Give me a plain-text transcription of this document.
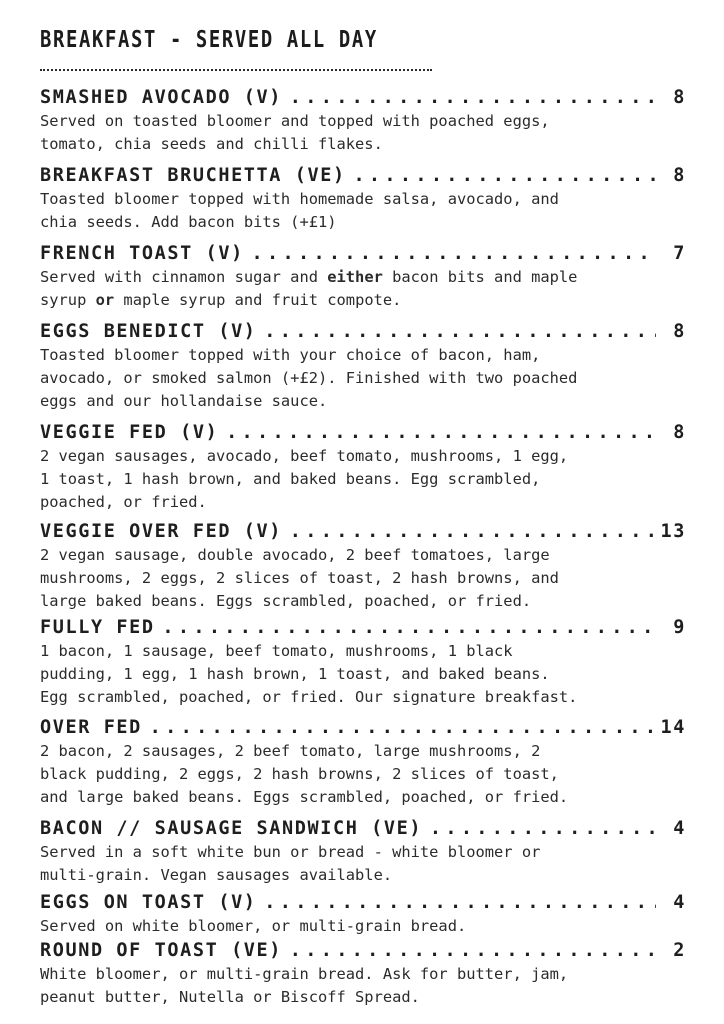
BREAKFAST - SERVED ALL DAY
SMASHED AVOCADO (V) . . .	8

Served on toasted bloomer and topped with poached eggs,
tomato, chia seeds and chilli flakes.

BREAKFAST BRUCHETTA (VE) . . .	8

Toasted bloomer topped with homemade salsa, avocado, and
chia seeds. Add bacon bits (+£1)

FRENCH TOAST (V) . . .	7

Served with cinnamon sugar and either bacon bits and maple
syrup or maple syrup and fruit compote.

EGGS BENEDICT (V) . . .	8

Toasted bloomer topped with your choice of bacon, ham,
avocado, or smoked salmon (+£2). Finished with two poached
eggs and our hollandaise sauce.

VEGGIE FED (V) . . .	8

2 vegan sausages, avocado, beef tomato, mushrooms, 1 egg,
1 toast, 1 hash brown, and baked beans. Egg scrambled,
poached, or fried.

VEGGIE OVER FED (V) . . .	13

2 vegan sausage, double avocado, 2 beef tomatoes, large
mushrooms, 2 eggs, 2 slices of toast, 2 hash browns, and
large baked beans. Eggs scrambled, poached, or fried.

FULLY FED . . .	9

1 bacon, 1 sausage, beef tomato, mushrooms, 1 black
pudding, 1 egg, 1 hash brown, 1 toast, and baked beans.
Egg scrambled, poached, or fried. Our signature breakfast.

OVER FED . . .	14

2 bacon, 2 sausages, 2 beef tomato, large mushrooms, 2
black pudding, 2 eggs, 2 hash browns, 2 slices of toast,
and large baked beans. Eggs scrambled, poached, or fried.

BACON // SAUSAGE SANDWICH (VE) . . .	4

Served in a soft white bun or bread - white bloomer or
multi-grain. Vegan sausages available.

EGGS ON TOAST (V) . . .	4

Served on white bloomer, or multi-grain bread.

ROUND OF TOAST (VE) . . .	2

White bloomer, or multi-grain bread. Ask for butter, jam,
peanut butter, Nutella or Biscoff Spread.
